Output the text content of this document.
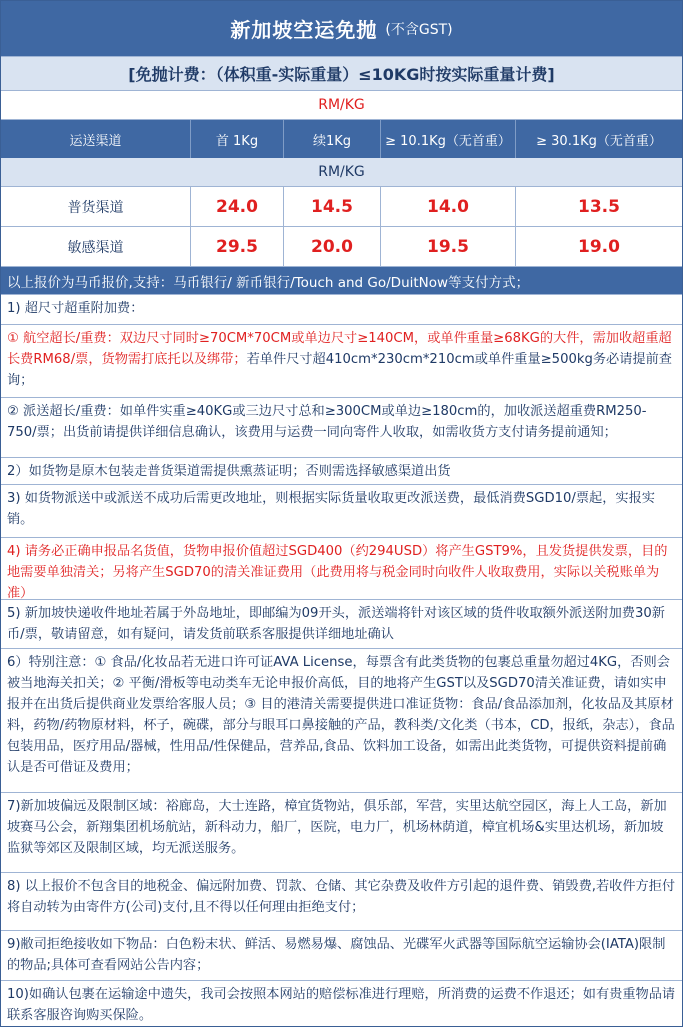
新加坡空运免抛 (不含GST)
[免抛计费：（体积重-实际重量）≤10KG时按实际重量计费]
RM/KG
运送渠道	首 1Kg	续1Kg	≥ 10.1Kg（无首重）	≥ 30.1Kg（无首重）
RM/KG
普货渠道	24.0	14.5	14.0	13.5
敏感渠道	29.5	20.0	19.5	19.0
以上报价为马币报价,支持：马币银行/ 新币银行/Touch and Go/DuitNow等支付方式；
1) 超尺寸超重附加费：
① 航空超长/重费：双边尺寸同时≥70CM*70CM或单边尺寸≥140CM，或单件重量≥68KG的大件，需加收超重超长费RM68/票，货物需打底托以及绑带；若单件尺寸超410cm*230cm*210cm或单件重量≥500kg务必请提前查询；
② 派送超长/重费：如单件实重≥40KG或三边尺寸总和≥300CM或单边≥180cm的，加收派送超重费RM250-750/票；出货前请提供详细信息确认，该费用与运费一同向寄件人收取，如需收货方支付请务提前通知；
2）如货物是原木包装走普货渠道需提供熏蒸证明；否则需选择敏感渠道出货
3) 如货物派送中或派送不成功后需更改地址，则根据实际货量收取更改派送费，最低消费SGD10/票起，实报实销。
4) 请务必正确申报品名货值，货物申报价值超过SGD400（约294USD）将产生GST9%，且发货提供发票，目的地需要单独清关；另将产生SGD70的清关准证费用（此费用将与税金同时向收件人收取费用，实际以关税账单为准）
5) 新加坡快递收件地址若属于外岛地址，即邮编为09开头，派送端将针对该区域的货件收取额外派送附加费30新币/票，敬请留意，如有疑问，请发货前联系客服提供详细地址确认
6）特别注意：① 食品/化妆品若无进口许可证AVA License，每票含有此类货物的包裹总重量勿超过4KG，否则会被当地海关扣关；② 平衡/滑板等电动类车无论申报价高低，目的地将产生GST以及SGD70清关准证费，请如实申报并在出货后提供商业发票给客服人员；③ 目的港清关需要提供进口准证货物：食品/食品添加剂，化妆品及其原材料，药物/药物原材料，杯子，碗碟，部分与眼耳口鼻接触的产品，教科类/文化类（书本，CD，报纸，杂志），食品包装用品，医疗用品/器械，性用品/性保健品，营养品,食品、饮料加工设备，如需出此类货物，可提供资料提前确认是否可借证及费用；
7)新加坡偏远及限制区域：裕廊岛，大士连路，樟宜货物站，俱乐部，军营，实里达航空园区，海上人工岛，新加坡赛马公会，新翔集团机场航站，新科动力，船厂，医院，电力厂，机场林荫道，樟宜机场&实里达机场，新加坡监狱等郊区及限制区域，均无派送服务。
8) 以上报价不包含目的地税金、偏远附加费、罚款、仓储、其它杂费及收件方引起的退件费、销毁费,若收件方拒付将自动转为由寄件方(公司)支付,且不得以任何理由拒绝支付；
9)敝司拒绝接收如下物品：白色粉末状、鲜活、易燃易爆、腐蚀品、光碟军火武器等国际航空运输协会(IATA)限制的物品;具体可查看网站公告内容；
10)如确认包裹在运输途中遗失，我司会按照本网站的赔偿标准进行理赔，所消费的运费不作退还；如有贵重物品请联系客服咨询购买保险。
